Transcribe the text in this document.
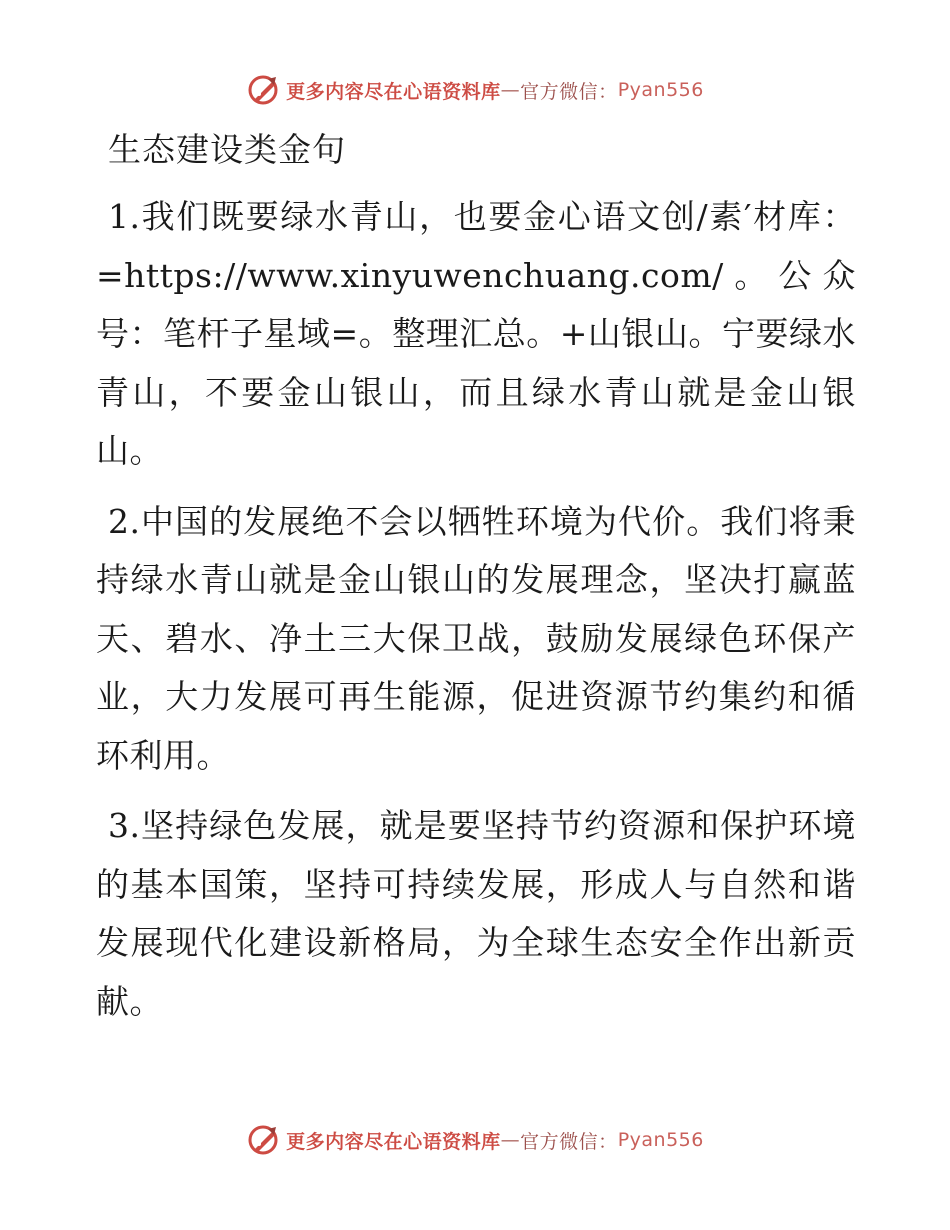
更多内容尽在心语资料库 — 官方微信： Pyan556
生态建设类金句

1.我们既要绿水青山，也要金心语文创/素′材库：=https://www.xinyuwenchuang.com/。公众号：笔杆子星域=。整理汇总。+山银山。宁要绿水青山，不要金山银山，而且绿水青山就是金山银山。

2.中国的发展绝不会以牺牲环境为代价。我们将秉持绿水青山就是金山银山的发展理念，坚决打赢蓝天、碧水、净土三大保卫战，鼓励发展绿色环保产业，大力发展可再生能源，促进资源节约集约和循环利用。

3.坚持绿色发展，就是要坚持节约资源和保护环境的基本国策，坚持可持续发展，形成人与自然和谐发展现代化建设新格局，为全球生态安全作出新贡献。

更多内容尽在心语资料库 — 官方微信： Pyan556
